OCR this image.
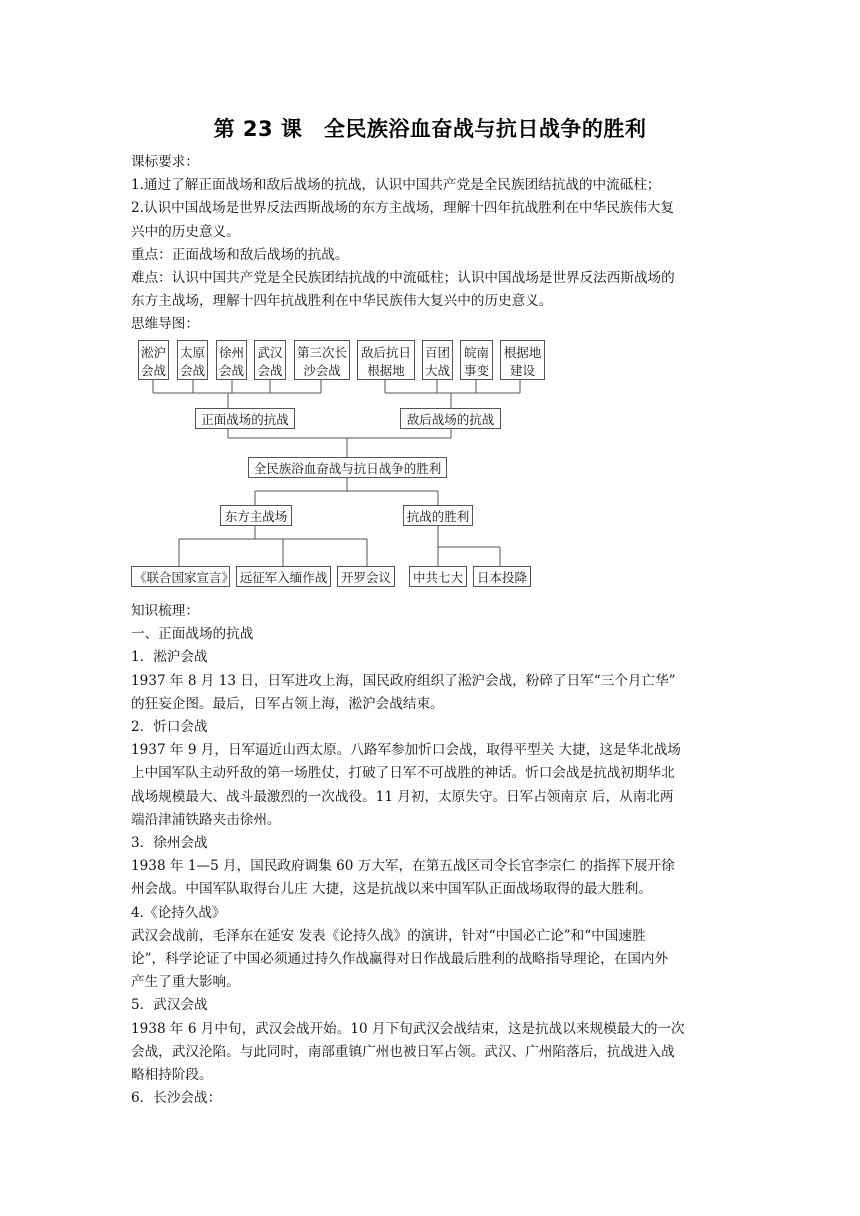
第 23 课　全民族浴血奋战与抗日战争的胜利

课标要求：

1.通过了解正面战场和敌后战场的抗战，认识中国共产党是全民族团结抗战的中流砥柱；

2.认识中国战场是世界反法西斯战场的东方主战场，理解十四年抗战胜利在中华民族伟大复

兴中的历史意义。

重点：正面战场和敌后战场的抗战。

难点：认识中国共产党是全民族团结抗战的中流砥柱；认识中国战场是世界反法西斯战场的

东方主战场，理解十四年抗战胜利在中华民族伟大复兴中的历史意义。

思维导图：

淞沪
会战
太原
会战
徐州
会战
武汉
会战
第三次长
沙会战
敌后抗日
根据地
百团
大战
皖南
事变
根据地
建设
正面战场的抗战	敌后战场的抗战
全民族浴血奋战与抗日战争的胜利
东方主战场	抗战的胜利
《联合国家宣言》 远征军入缅作战	开罗会议	中共七大	日本投降

知识梳理：

一、正面战场的抗战

1．淞沪会战

1937 年 8 月 13 日，日军进攻上海，国民政府组织了淞沪会战，粉碎了日军“三个月亡华”

的狂妄企图。最后，日军占领上海，淞沪会战结束。

2．忻口会战

1937 年 9 月，日军逼近山西太原。八路军参加忻口会战，取得平型关 大捷，这是华北战场

上中国军队主动歼敌的第一场胜仗，打破了日军不可战胜的神话。忻口会战是抗战初期华北

战场规模最大、战斗最激烈的一次战役。11 月初，太原失守。日军占领南京 后，从南北两

端沿津浦铁路夹击徐州。

3．徐州会战

1938 年 1—5 月，国民政府调集 60 万大军，在第五战区司令长官李宗仁 的指挥下展开徐

州会战。中国军队取得台儿庄 大捷，这是抗战以来中国军队正面战场取得的最大胜利。

4.《论持久战》

武汉会战前，毛泽东在延安 发表《论持久战》的演讲，针对“中国必亡论”和“中国速胜

论”，科学论证了中国必须通过持久作战赢得对日作战最后胜利的战略指导理论，在国内外

产生了重大影响。

5．武汉会战

1938 年 6 月中旬，武汉会战开始。10 月下旬武汉会战结束，这是抗战以来规模最大的一次

会战，武汉沦陷。与此同时，南部重镇广州也被日军占领。武汉、广州陷落后，抗战进入战

略相持阶段。

6．长沙会战：
